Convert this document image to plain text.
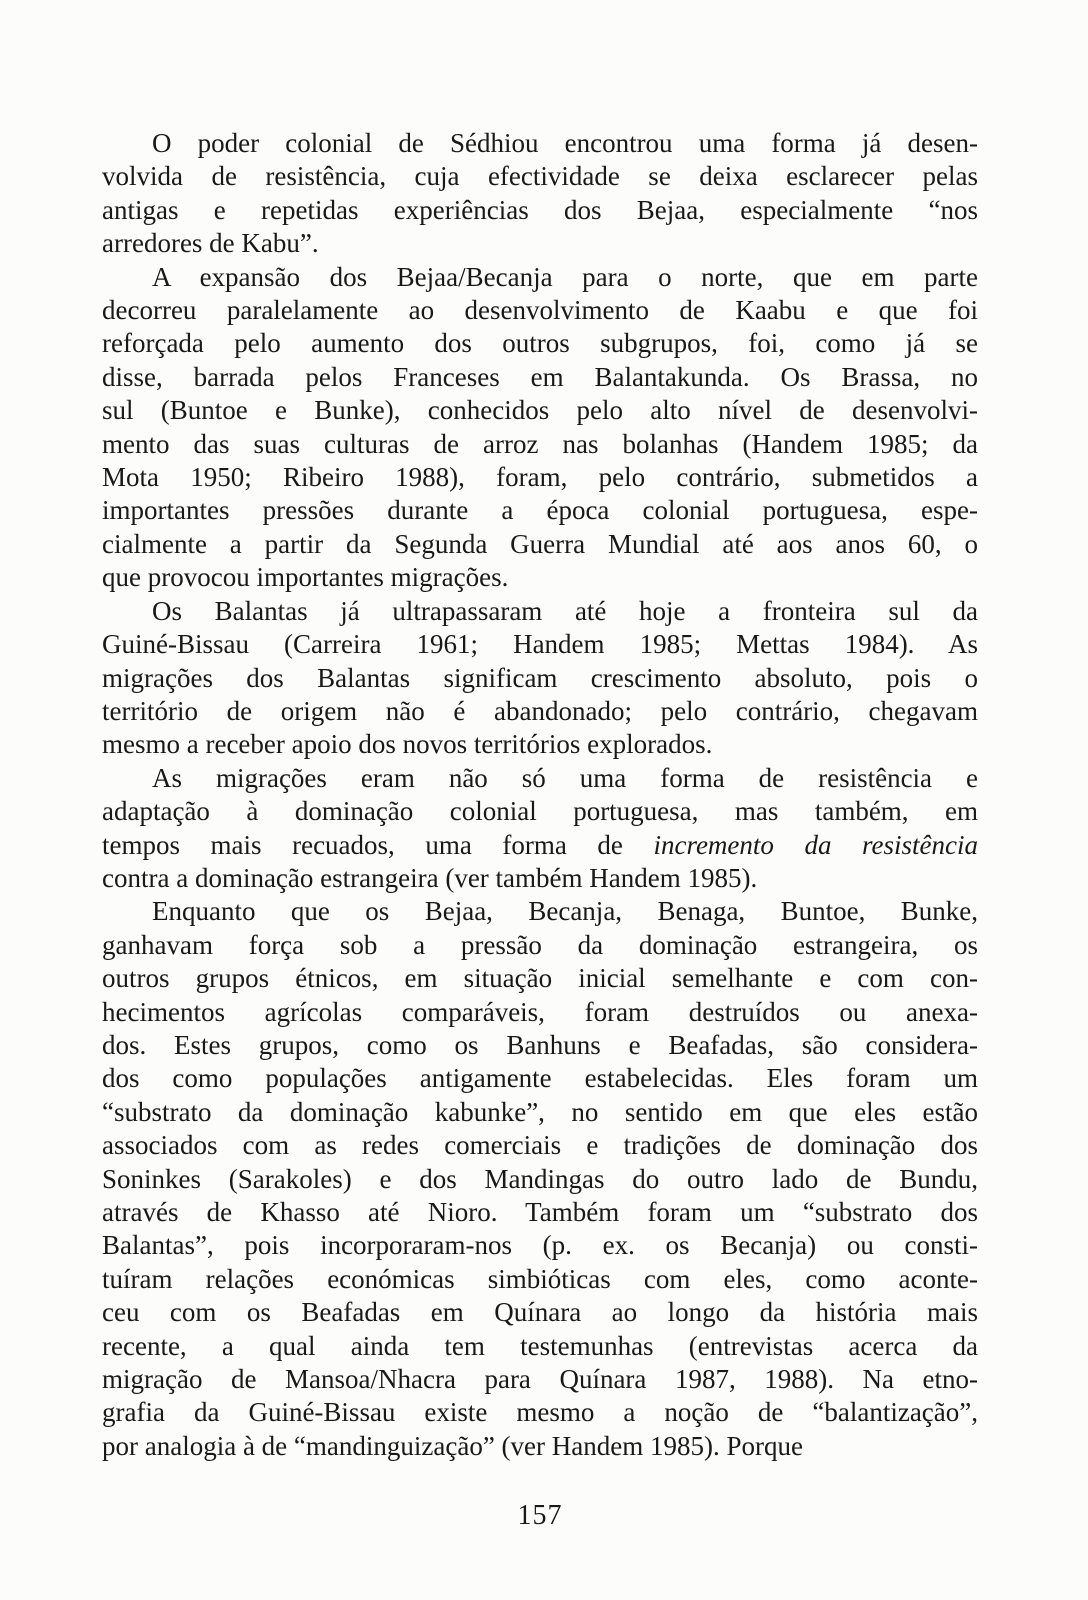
O poder colonial de Sédhiou encontrou uma forma já desen-
volvida de resistência, cuja efectividade se deixa esclarecer pelas
antigas e repetidas experiências dos Bejaa, especialmente “nos
arredores de Kabu”.
A expansão dos Bejaa/Becanja para o norte, que em parte
decorreu paralelamente ao desenvolvimento de Kaabu e que foi
reforçada pelo aumento dos outros subgrupos, foi, como já se
disse, barrada pelos Franceses em Balantakunda. Os Brassa, no
sul (Buntoe e Bunke), conhecidos pelo alto nível de desenvolvi-
mento das suas culturas de arroz nas bolanhas (Handem 1985; da
Mota 1950; Ribeiro 1988), foram, pelo contrário, submetidos a
importantes pressões durante a época colonial portuguesa, espe-
cialmente a partir da Segunda Guerra Mundial até aos anos 60, o
que provocou importantes migrações.
Os Balantas já ultrapassaram até hoje a fronteira sul da
Guiné-Bissau (Carreira 1961; Handem 1985; Mettas 1984). As
migrações dos Balantas significam crescimento absoluto, pois o
território de origem não é abandonado; pelo contrário, chegavam
mesmo a receber apoio dos novos territórios explorados.
As migrações eram não só uma forma de resistência e
adaptação à dominação colonial portuguesa, mas também, em
tempos mais recuados, uma forma de incremento da resistência
contra a dominação estrangeira (ver também Handem 1985).
Enquanto que os Bejaa, Becanja, Benaga, Buntoe, Bunke,
ganhavam força sob a pressão da dominação estrangeira, os
outros grupos étnicos, em situação inicial semelhante e com con-
hecimentos agrícolas comparáveis, foram destruídos ou anexa-
dos. Estes grupos, como os Banhuns e Beafadas, são considera-
dos como populações antigamente estabelecidas. Eles foram um
“substrato da dominação kabunke”, no sentido em que eles estão
associados com as redes comerciais e tradições de dominação dos
Soninkes (Sarakoles) e dos Mandingas do outro lado de Bundu,
através de Khasso até Nioro. Também foram um “substrato dos
Balantas”, pois incorporaram-nos (p. ex. os Becanja) ou consti-
tuíram relações económicas simbióticas com eles, como aconte-
ceu com os Beafadas em Quínara ao longo da história mais
recente, a qual ainda tem testemunhas (entrevistas acerca da
migração de Mansoa/Nhacra para Quínara 1987, 1988). Na etno-
grafia da Guiné-Bissau existe mesmo a noção de “balantização”,
por analogia à de “mandinguização” (ver Handem 1985). Porque
157
